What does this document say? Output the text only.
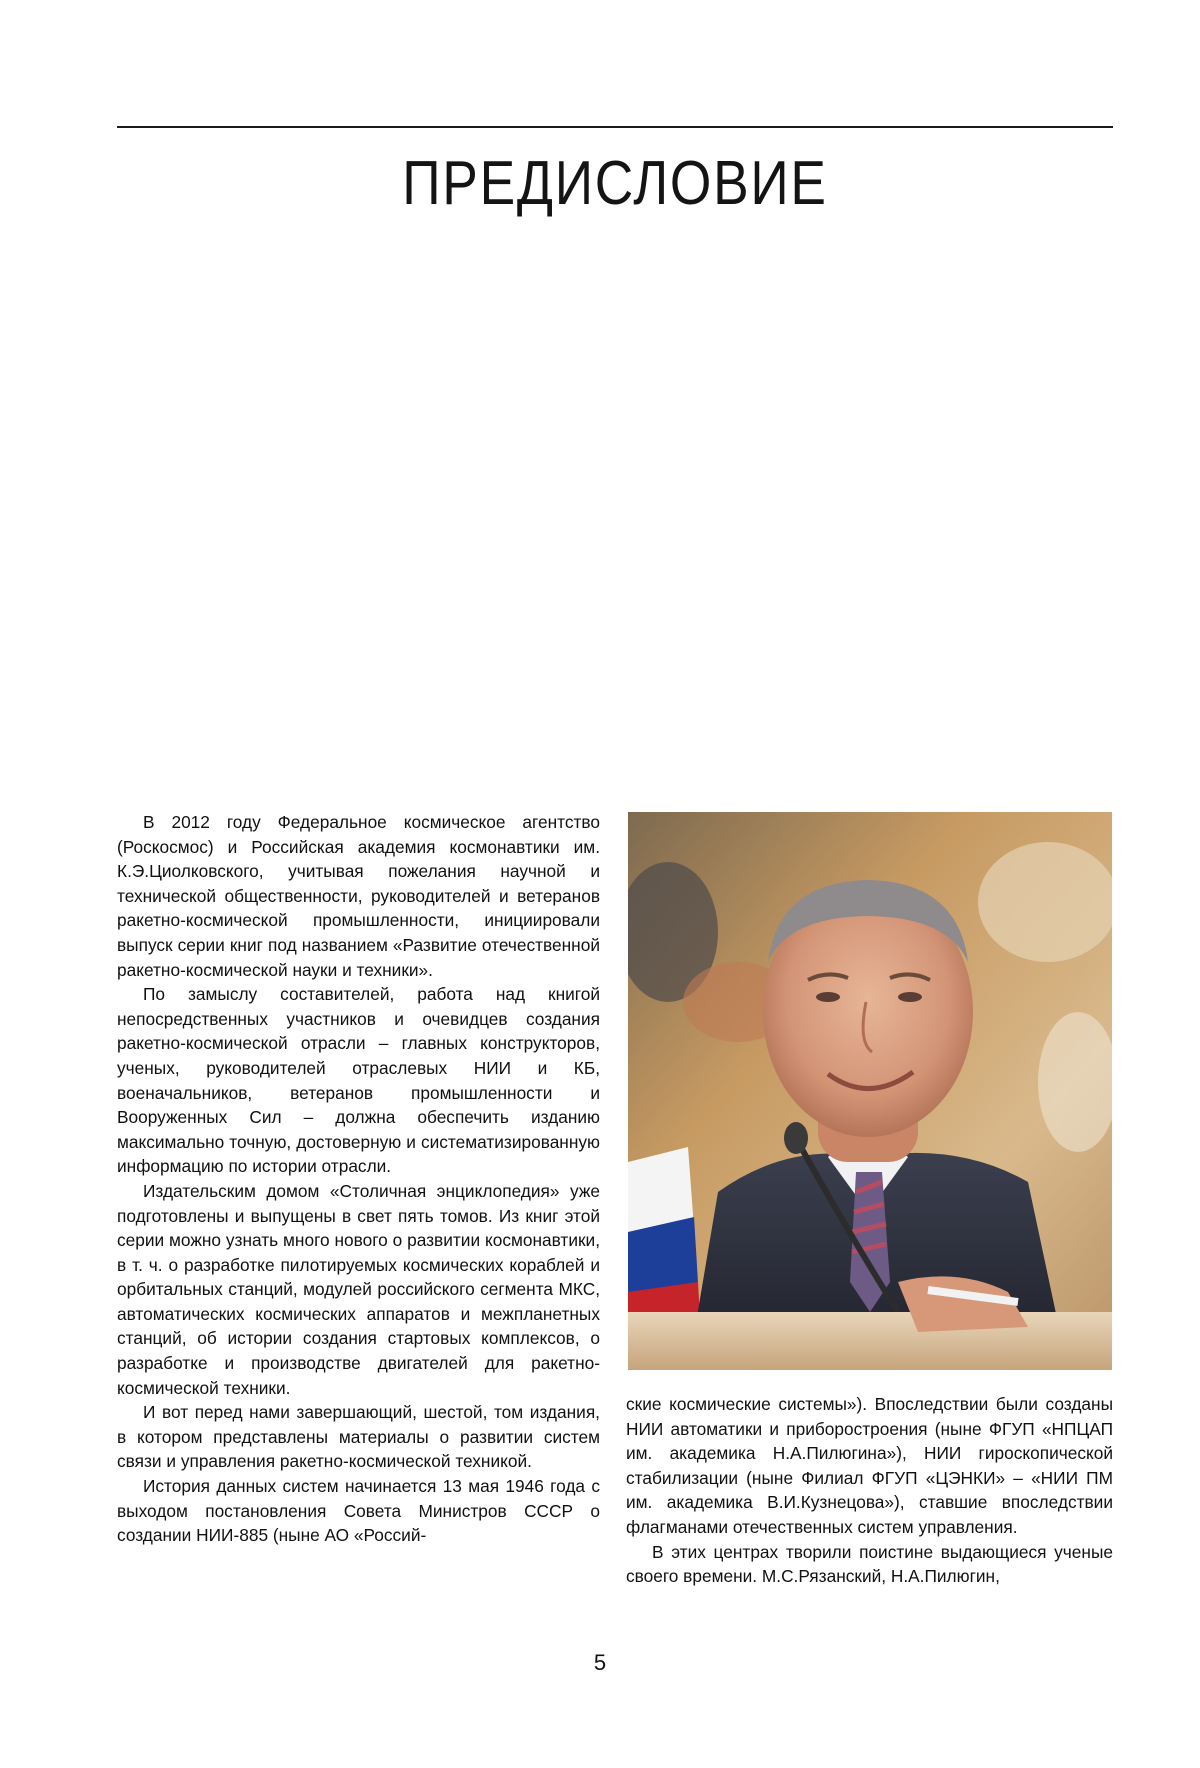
ПРЕДИСЛОВИЕ

В 2012 году Федеральное космическое агентство (Роскосмос) и Российская академия космонавтики им. К.Э.Циолковского, учитывая пожелания научной и технической общественности, руководителей и ветеранов ракетно-космической промышленности, инициировали выпуск серии книг под названием «Развитие отечественной ракетно-космической науки и техники».

По замыслу составителей, работа над книгой непосредственных участников и очевидцев создания ракетно-космической отрасли – главных конструкторов, ученых, руководителей отраслевых НИИ и КБ, военачальников, ветеранов промышленности и Вооруженных Сил – должна обеспечить изданию максимально точную, достоверную и систематизированную информацию по истории отрасли.

Издательским домом «Столичная энциклопедия» уже подготовлены и выпущены в свет пять томов. Из книг этой серии можно узнать много нового о развитии космонавтики, в т. ч. о разработке пилотируемых космических кораблей и орбитальных станций, модулей российского сегмента МКС, автоматических космических аппаратов и межпланетных станций, об истории создания стартовых комплексов, о разработке и производстве двигателей для ракетно-космической техники.

И вот перед нами завершающий, шестой, том издания, в котором представлены материалы о развитии систем связи и управления ракетно-космической техникой.

История данных систем начинается 13 мая 1946 года с выходом постановления Совета Министров СССР о создании НИИ-885 (ныне АО «Россий-

ские космические системы»). Впоследствии были созданы НИИ автоматики и приборостроения (ныне ФГУП «НПЦАП им. академика Н.А.Пилюгина»), НИИ гироскопической стабилизации (ныне Филиал ФГУП «ЦЭНКИ» – «НИИ ПМ им. академика В.И.Кузнецова»), ставшие впоследствии флагманами отечественных систем управления.

В этих центрах творили поистине выдающиеся ученые своего времени. М.С.Рязанский, Н.А.Пилюгин,

5
